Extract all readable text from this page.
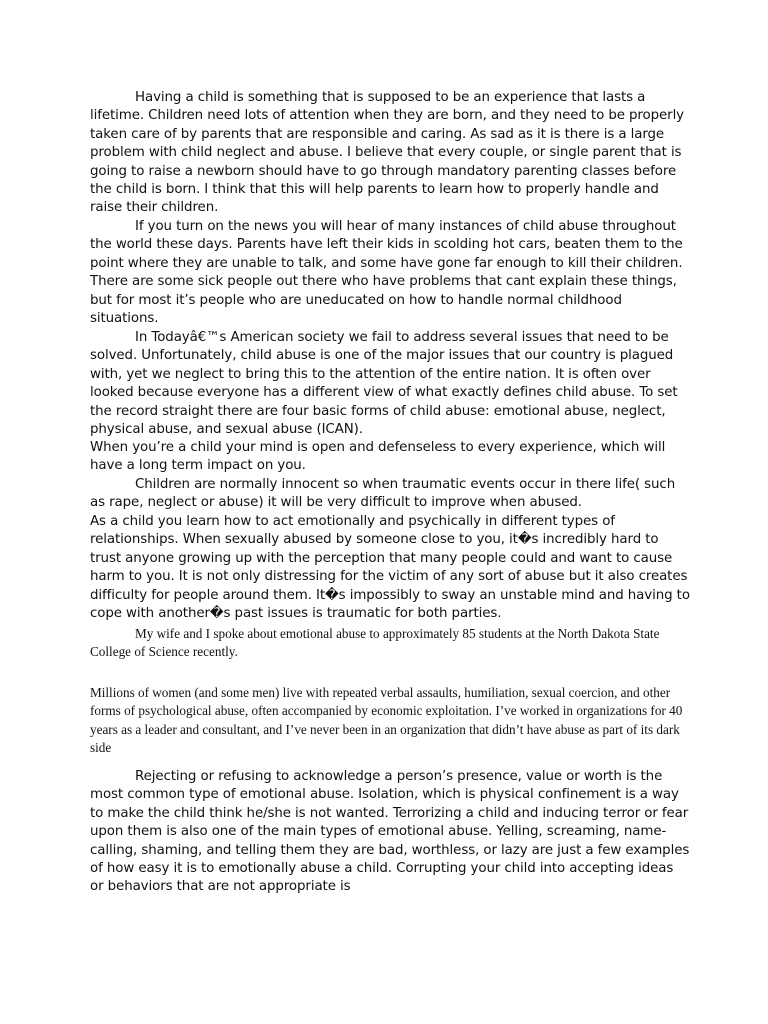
Having a child is something that is supposed to be an experience that lasts a lifetime. Children need lots of attention when they are born, and they need to be properly taken care of by parents that are responsible and caring. As sad as it is there is a large problem with child neglect and abuse. I believe that every couple, or single parent that is going to raise a newborn should have to go through mandatory parenting classes before the child is born. I think that this will help parents to learn how to properly handle and raise their children.

If you turn on the news you will hear of many instances of child abuse throughout the world these days. Parents have left their kids in scolding hot cars, beaten them to the point where they are unable to talk, and some have gone far enough to kill their children. There are some sick people out there who have problems that cant explain these things, but for most it’s people who are uneducated on how to handle normal childhood situations.

In Todayâ€™s American society we fail to address several issues that need to be solved. Unfortunately, child abuse is one of the major issues that our country is plagued with, yet we neglect to bring this to the attention of the entire nation. It is often over looked because everyone has a different view of what exactly defines child abuse. To set the record straight there are four basic forms of child abuse: emotional abuse, neglect, physical abuse, and sexual abuse (ICAN).

When you’re a child your mind is open and defenseless to every experience, which will have a long term impact on you.

Children are normally innocent so when traumatic events occur in there life( such as rape, neglect or abuse) it will be very difficult to improve when abused.

As a child you learn how to act emotionally and psychically in different types of relationships. When sexually abused by someone close to you, it�s incredibly hard to trust anyone growing up with the perception that many people could and want to cause harm to you. It is not only distressing for the victim of any sort of abuse but it also creates difficulty for people around them. It�s impossibly to sway an unstable mind and having to cope with another�s past issues is traumatic for both parties.

My wife and I spoke about emotional abuse to approximately 85 students at the North Dakota State College of Science recently.

Millions of women (and some men) live with repeated verbal assaults, humiliation, sexual coercion, and other forms of psychological abuse, often accompanied by economic exploitation. I’ve worked in organizations for 40 years as a leader and consultant, and I’ve never been in an organization that didn’t have abuse as part of its dark side

Rejecting or refusing to acknowledge a person’s presence, value or worth is the most common type of emotional abuse. Isolation, which is physical confinement is a way to make the child think he/she is not wanted. Terrorizing a child and inducing terror or fear upon them is also one of the main types of emotional abuse. Yelling, screaming, name-calling, shaming, and telling them they are bad, worthless, or lazy are just a few examples of how easy it is to emotionally abuse a child. Corrupting your child into accepting ideas or behaviors that are not appropriate is
